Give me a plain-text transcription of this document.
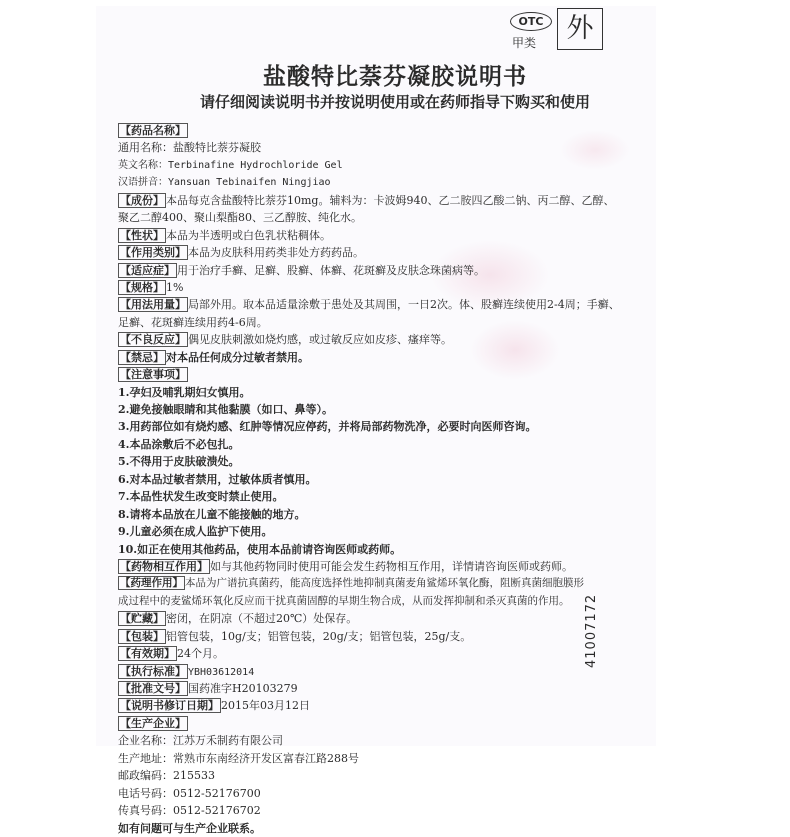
OTC
甲类	外
盐酸特比萘芬凝胶说明书
请仔细阅读说明书并按说明使用或在药师指导下购买和使用
【药品名称】
通用名称：盐酸特比萘芬凝胶
英文名称：Terbinafine Hydrochloride Gel
汉语拼音：Yansuan Tebinaifen Ningjiao
【成份】 本品每克含盐酸特比萘芬10mg。辅料为：卡波姆940、乙二胺四乙酸二钠、丙二醇、乙醇、
聚乙二醇400、聚山梨酯80、三乙醇胺、纯化水。
【性状】 本品为半透明或白色乳状粘稠体。
【作用类别】 本品为皮肤科用药类非处方药药品。
【适应症】 用于治疗手癣、足癣、股癣、体癣、花斑癣及皮肤念珠菌病等。
【规格】 1%
【用法用量】 局部外用。取本品适量涂敷于患处及其周围，一日2次。体、股癣连续使用2-4周；手癣、
足癣、花斑癣连续用药4-6周。
【不良反应】 偶见皮肤刺激如烧灼感，或过敏反应如皮疹、瘙痒等。
【禁忌】 对本品任何成分过敏者禁用。
【注意事项】
1.孕妇及哺乳期妇女慎用。
2.避免接触眼睛和其他黏膜（如口、鼻等）。
3.用药部位如有烧灼感、红肿等情况应停药，并将局部药物洗净，必要时向医师咨询。
4.本品涂敷后不必包扎。
5.不得用于皮肤破溃处。
6.对本品过敏者禁用，过敏体质者慎用。
7.本品性状发生改变时禁止使用。
8.请将本品放在儿童不能接触的地方。
9.儿童必须在成人监护下使用。
10.如正在使用其他药品，使用本品前请咨询医师或药师。
【药物相互作用】 如与其他药物同时使用可能会发生药物相互作用，详情请咨询医师或药师。
【药理作用】 本品为广谱抗真菌药，能高度选择性地抑制真菌麦角鲨烯环氧化酶，阻断真菌细胞膜形
成过程中的麦鲨烯环氧化反应而干扰真菌固醇的早期生物合成，从而发挥抑制和杀灭真菌的作用。
【贮藏】 密闭，在阴凉（不超过20℃）处保存。
【包装】 铝管包装，10g/支；铝管包装，20g/支；铝管包装，25g/支。
【有效期】 24个月。
【执行标准】 YBH03612014
【批准文号】 国药准字H20103279
【说明书修订日期】 2015年03月12日
【生产企业】
企业名称：江苏万禾制药有限公司
生产地址：常熟市东南经济开发区富春江路288号
邮政编码：215533
电话号码：0512-52176700
传真号码：0512-52176702
如有问题可与生产企业联系。
41007172
